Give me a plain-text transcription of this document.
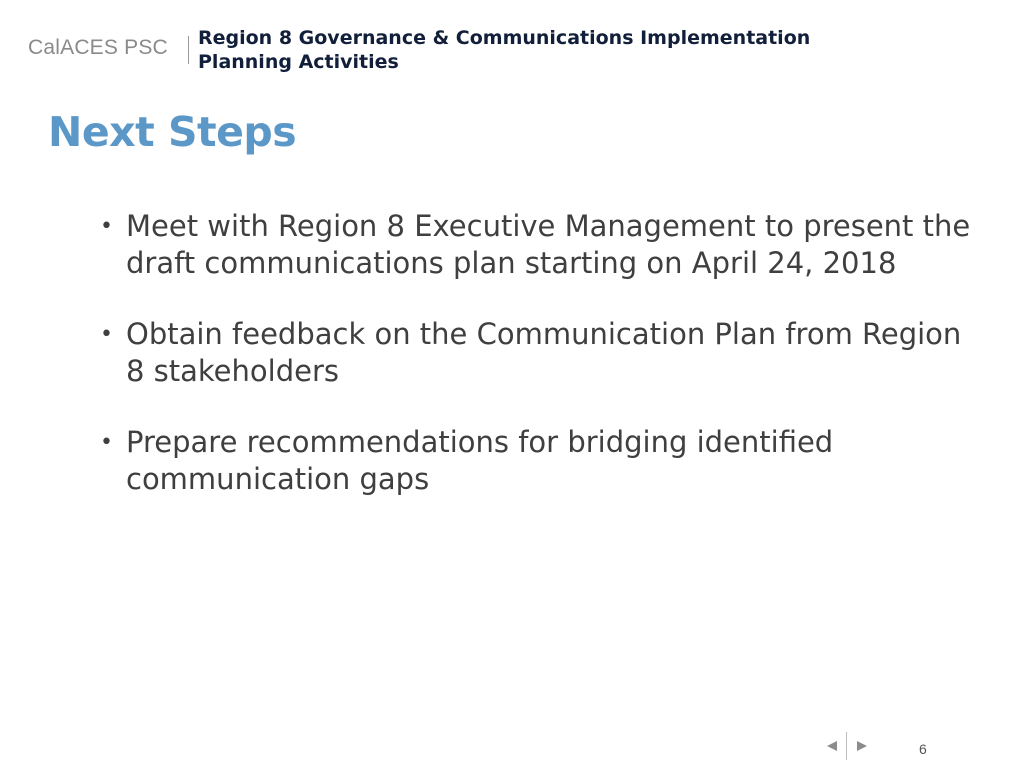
CalACES PSC Region 8 Governance & Communications Implementation
Planning Activities
Next Steps
• Meet with Region 8 Executive Management to present the draft communications plan starting on April 24, 2018
• Obtain feedback on the Communication Plan from Region 8 stakeholders
• Prepare recommendations for bridging identified communication gaps
6
